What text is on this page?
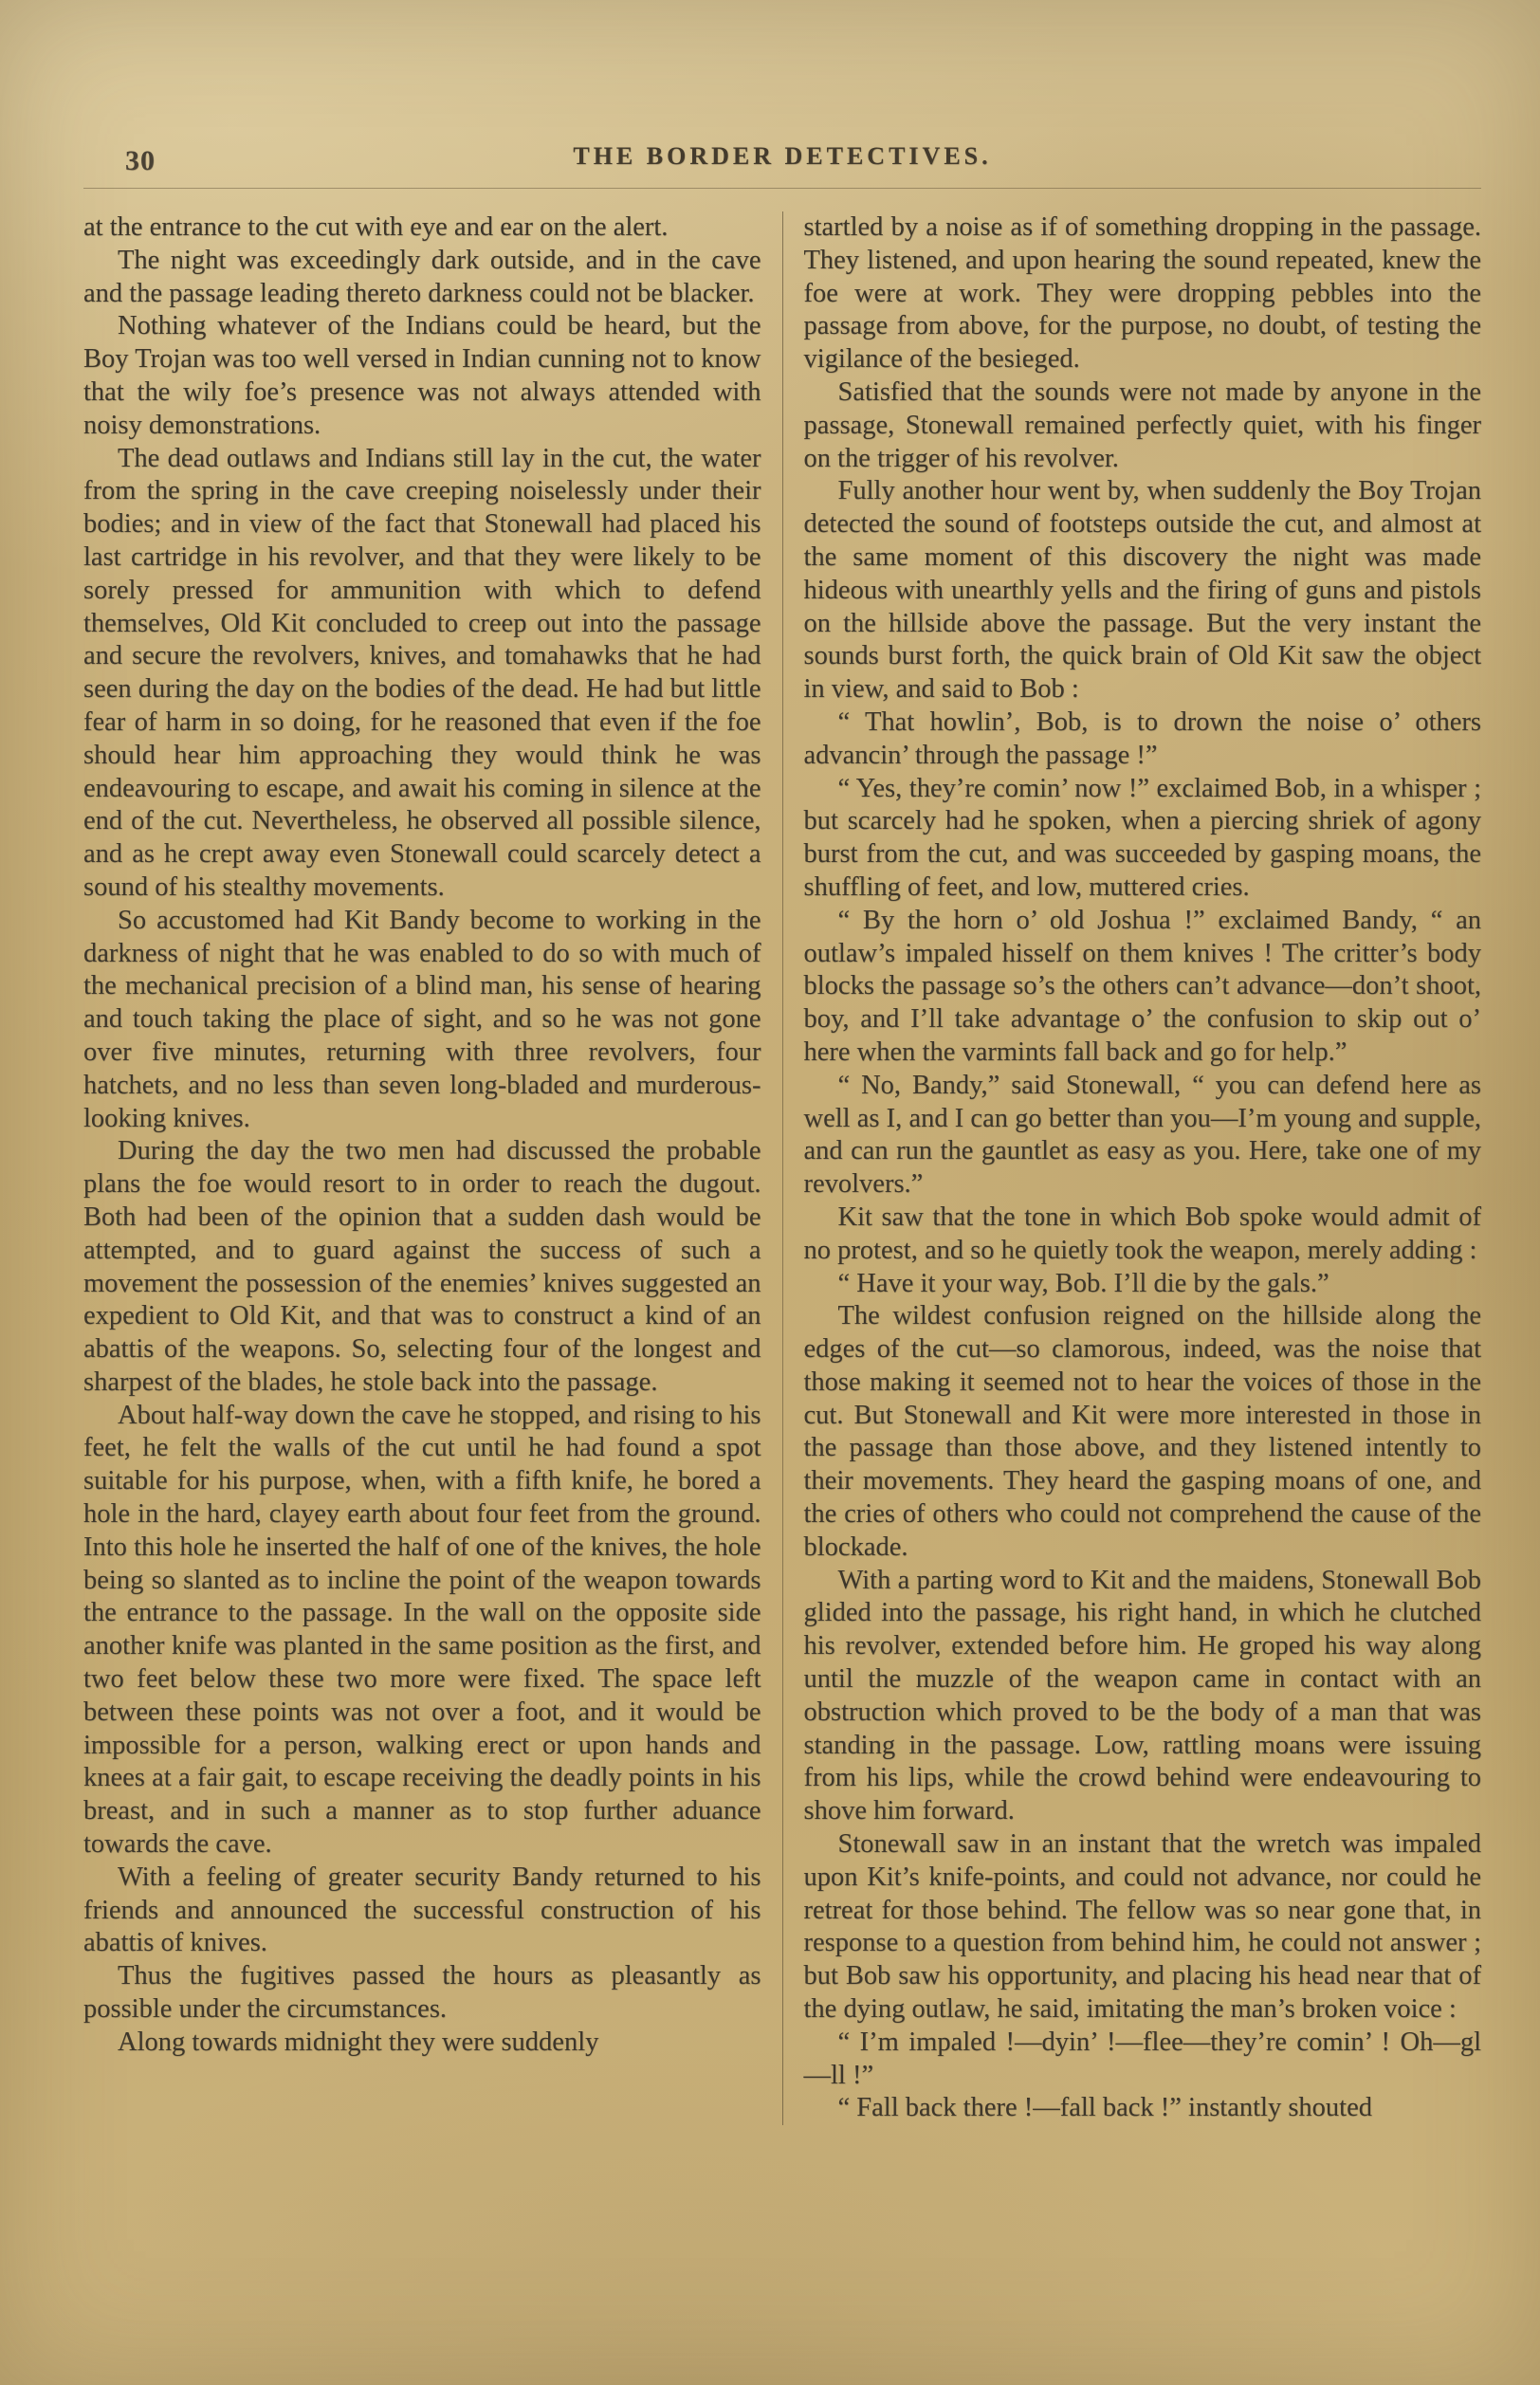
30	THE BORDER DETECTIVES.

at the entrance to the cut with eye and ear on the alert.

The night was exceedingly dark outside, and in the cave and the passage leading thereto darkness could not be blacker.

Nothing whatever of the Indians could be heard, but the Boy Trojan was too well versed in Indian cunning not to know that the wily foe’s presence was not always attended with noisy demonstrations.

The dead outlaws and Indians still lay in the cut, the water from the spring in the cave creeping noiselessly under their bodies; and in view of the fact that Stonewall had placed his last cartridge in his revolver, and that they were likely to be sorely pressed for ammunition with which to defend themselves, Old Kit concluded to creep out into the passage and secure the revolvers, knives, and tomahawks that he had seen during the day on the bodies of the dead. He had but little fear of harm in so doing, for he reasoned that even if the foe should hear him approaching they would think he was endeavouring to escape, and await his coming in silence at the end of the cut. Nevertheless, he observed all possible silence, and as he crept away even Stonewall could scarcely detect a sound of his stealthy movements.

So accustomed had Kit Bandy become to working in the darkness of night that he was enabled to do so with much of the mechanical precision of a blind man, his sense of hearing and touch taking the place of sight, and so he was not gone over five minutes, returning with three revolvers, four hatchets, and no less than seven long-bladed and murderous-looking knives.

During the day the two men had discussed the probable plans the foe would resort to in order to reach the dugout. Both had been of the opinion that a sudden dash would be attempted, and to guard against the success of such a movement the possession of the enemies’ knives suggested an expedient to Old Kit, and that was to construct a kind of an abattis of the weapons. So, selecting four of the longest and sharpest of the blades, he stole back into the passage.

About half-way down the cave he stopped, and rising to his feet, he felt the walls of the cut until he had found a spot suitable for his purpose, when, with a fifth knife, he bored a hole in the hard, clayey earth about four feet from the ground. Into this hole he inserted the half of one of the knives, the hole being so slanted as to incline the point of the weapon towards the entrance to the passage. In the wall on the opposite side another knife was planted in the same position as the first, and two feet below these two more were fixed. The space left between these points was not over a foot, and it would be impossible for a person, walking erect or upon hands and knees at a fair gait, to escape receiving the deadly points in his breast, and in such a manner as to stop further aduance towards the cave.

With a feeling of greater security Bandy returned to his friends and announced the successful construction of his abattis of knives.

Thus the fugitives passed the hours as pleasantly as possible under the circumstances.

Along towards midnight they were suddenly

startled by a noise as if of something dropping in the passage. They listened, and upon hearing the sound repeated, knew the foe were at work. They were dropping pebbles into the passage from above, for the purpose, no doubt, of testing the vigilance of the besieged.

Satisfied that the sounds were not made by anyone in the passage, Stonewall remained perfectly quiet, with his finger on the trigger of his revolver.

Fully another hour went by, when suddenly the Boy Trojan detected the sound of footsteps outside the cut, and almost at the same moment of this discovery the night was made hideous with unearthly yells and the firing of guns and pistols on the hillside above the passage. But the very instant the sounds burst forth, the quick brain of Old Kit saw the object in view, and said to Bob :

“ That howlin’, Bob, is to drown the noise o’ others advancin’ through the passage !”

“ Yes, they’re comin’ now !” exclaimed Bob, in a whisper ; but scarcely had he spoken, when a piercing shriek of agony burst from the cut, and was succeeded by gasping moans, the shuffling of feet, and low, muttered cries.

“ By the horn o’ old Joshua !” exclaimed Bandy, “ an outlaw’s impaled hisself on them knives ! The critter’s body blocks the passage so’s the others can’t advance—don’t shoot, boy, and I’ll take advantage o’ the confusion to skip out o’ here when the varmints fall back and go for help.”

“ No, Bandy,” said Stonewall, “ you can defend here as well as I, and I can go better than you—I’m young and supple, and can run the gauntlet as easy as you. Here, take one of my revolvers.”

Kit saw that the tone in which Bob spoke would admit of no protest, and so he quietly took the weapon, merely adding :

“ Have it your way, Bob. I’ll die by the gals.”

The wildest confusion reigned on the hillside along the edges of the cut—so clamorous, indeed, was the noise that those making it seemed not to hear the voices of those in the cut. But Stonewall and Kit were more interested in those in the passage than those above, and they listened intently to their movements. They heard the gasping moans of one, and the cries of others who could not comprehend the cause of the blockade.

With a parting word to Kit and the maidens, Stonewall Bob glided into the passage, his right hand, in which he clutched his revolver, extended before him. He groped his way along until the muzzle of the weapon came in contact with an obstruction which proved to be the body of a man that was standing in the passage. Low, rattling moans were issuing from his lips, while the crowd behind were endeavouring to shove him forward.

Stonewall saw in an instant that the wretch was impaled upon Kit’s knife-points, and could not advance, nor could he retreat for those behind. The fellow was so near gone that, in response to a question from behind him, he could not answer ; but Bob saw his opportunity, and placing his head near that of the dying outlaw, he said, imitating the man’s broken voice :

“ I’m impaled !—dyin’ !—flee—they’re comin’ ! Oh—gl—ll !”

“ Fall back there !—fall back !” instantly shouted
